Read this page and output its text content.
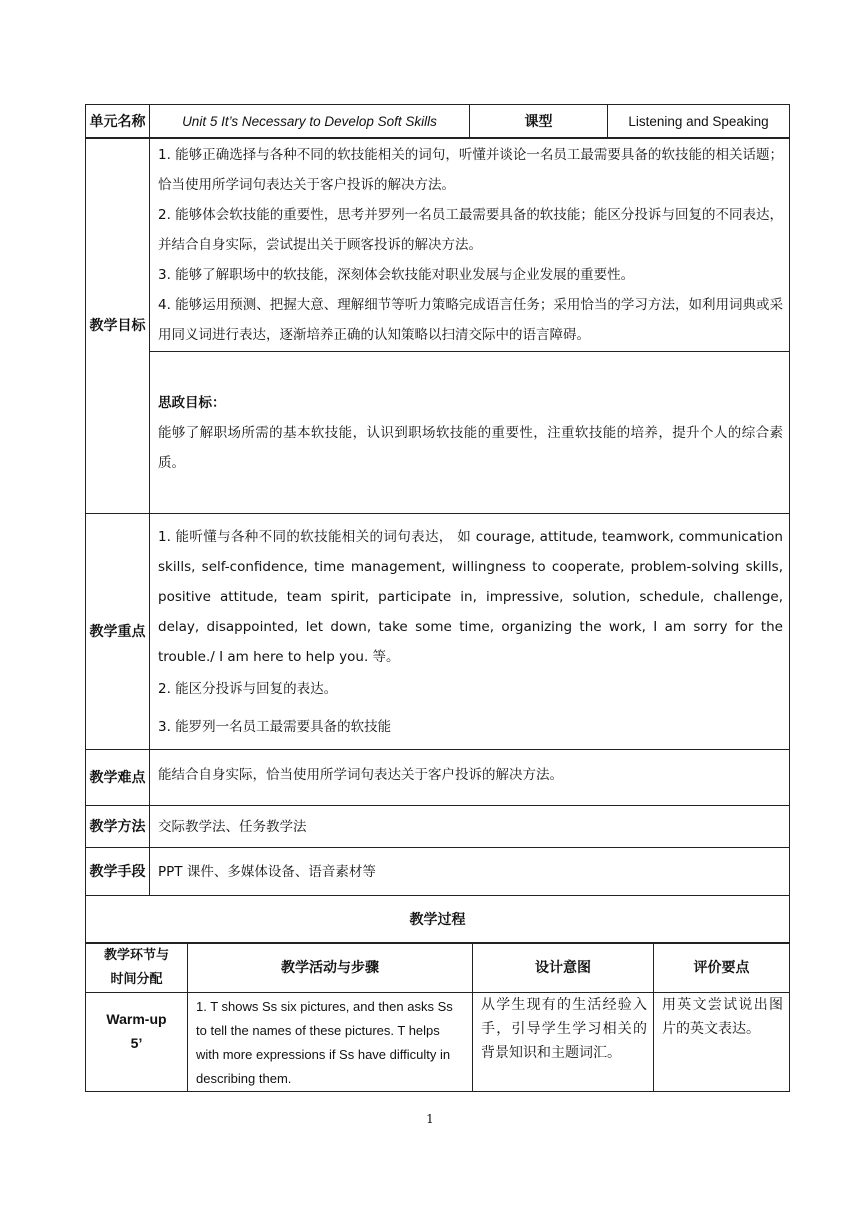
单元名称	Unit 5 It’s Necessary to Develop Soft Skills	课型	Listening and Speaking
教学目标	1. 能够正确选择与各种不同的软技能相关的词句，听懂并谈论一名员工最需要具备的软技能的相关话题；恰当使用所学词句表达关于客户投诉的解决方法。

2. 能够体会软技能的重要性，思考并罗列一名员工最需要具备的软技能；能区分投诉与回复的不同表达，并结合自身实际，尝试提出关于顾客投诉的解决方法。

3. 能够了解职场中的软技能，深刻体会软技能对职业发展与企业发展的重要性。

4. 能够运用预测、把握大意、理解细节等听力策略完成语言任务；采用恰当的学习方法，如利用词典或采用同义词进行表达，逐渐培养正确的认知策略以扫清交际中的语言障碍。

	思政目标：

能够了解职场所需的基本软技能，认识到职场软技能的重要性，注重软技能的培养，提升个人的综合素质。

教学重点	1. 能听懂与各种不同的软技能相关的词句表达， 如 courage, attitude, teamwork, communication skills, self-confidence, time management, willingness to cooperate, problem-solving skills, positive attitude, team spirit, participate in, impressive, solution, schedule, challenge, delay, disappointed, let down, take some time, organizing the work, I am sorry for the trouble./ I am here to help you. 等。

2. 能区分投诉与回复的表达。

3. 能罗列一名员工最需要具备的软技能

教学难点	能结合自身实际，恰当使用所学词句表达关于客户投诉的解决方法。

教学方法	交际教学法、任务教学法

教学手段	PPT 课件、多媒体设备、语音素材等

教学过程	
教学环节与时间分配	教学活动与步骤	设计意图	评价要点

Warm-up
5’	1. T shows Ss six pictures, and then asks Ss to tell the names of these pictures. T helps with more expressions if Ss have difficulty in describing them.	从学生现有的生活经验入手，引导学生学习相关的背景知识和主题词汇。	用英文尝试说出图片的英文表达。
1
